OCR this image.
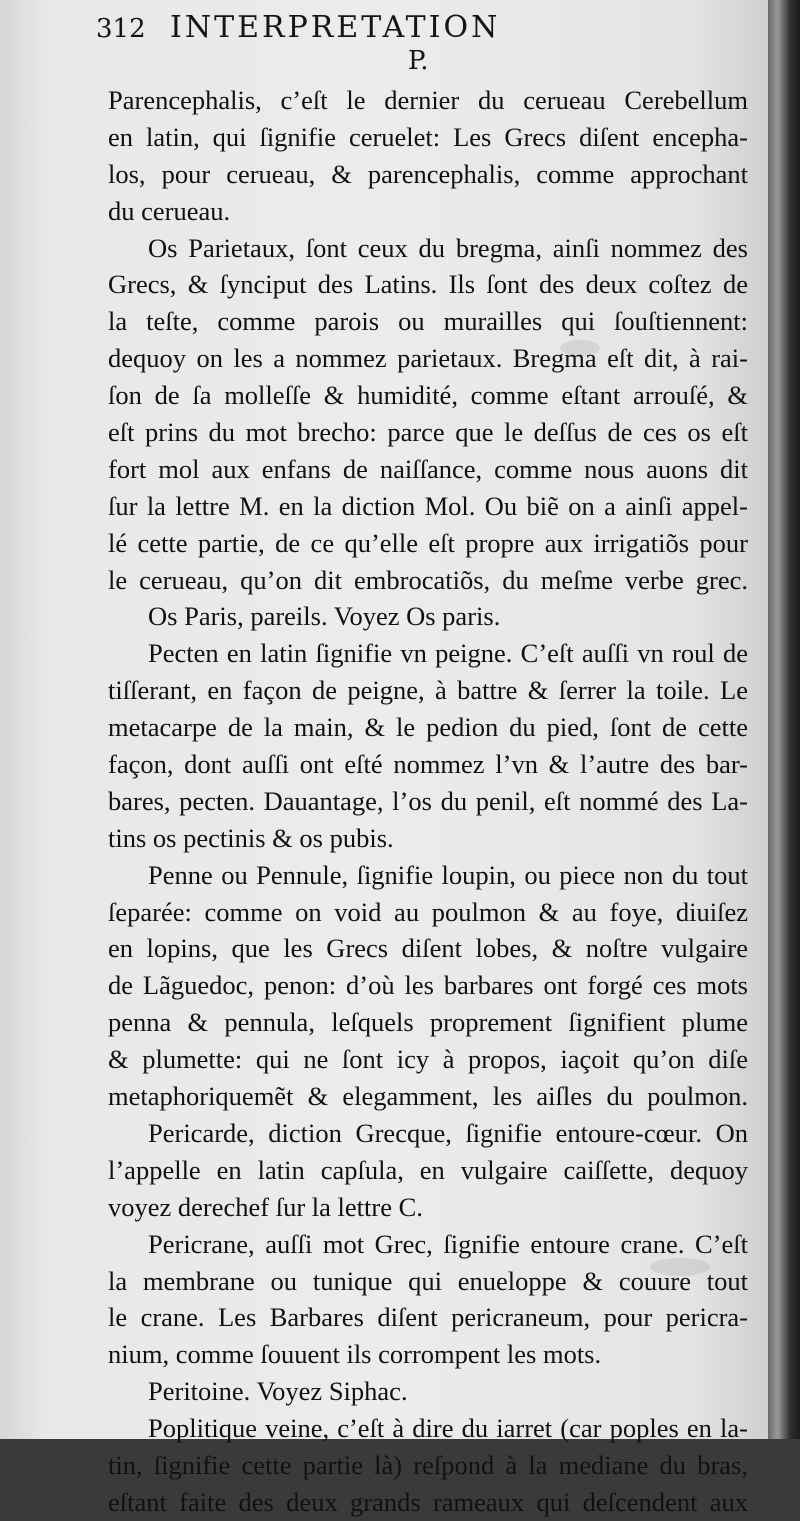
312 INTERPRETATION
P.
Parencephalis, c’eſt le dernier du cerueau Cerebellum
en latin, qui ſignifie ceruelet: Les Grecs diſent encepha-
los, pour cerueau, & parencephalis, comme approchant
du cerueau.
Os Parietaux, ſont ceux du bregma, ainſi nommez des
Grecs, & ſynciput des Latins. Ils ſont des deux coſtez de
la teſte, comme parois ou murailles qui ſouſtiennent:
dequoy on les a nommez parietaux. Bregma eſt dit, à rai-
ſon de ſa molleſſe & humidité, comme eſtant arrouſé, &
eſt prins du mot brecho: parce que le deſſus de ces os eſt
fort mol aux enfans de naiſſance, comme nous auons dit
ſur la lettre M. en la diction Mol. Ou biẽ on a ainſi appel-
lé cette partie, de ce qu’elle eſt propre aux irrigatiõs pour
le cerueau, qu’on dit embrocatiõs, du meſme verbe grec.
Os Paris, pareils. Voyez Os paris.
Pecten en latin ſignifie vn peigne. C’eſt auſſi vn roul de
tiſſerant, en façon de peigne, à battre & ſerrer la toile. Le
metacarpe de la main, & le pedion du pied, ſont de cette
façon, dont auſſi ont eſté nommez l’vn & l’autre des bar-
bares, pecten. Dauantage, l’os du penil, eſt nommé des La-
tins os pectinis & os pubis.
Penne ou Pennule, ſignifie loupin, ou piece non du tout
ſeparée: comme on void au poulmon & au foye, diuiſez
en lopins, que les Grecs diſent lobes, & noſtre vulgaire
de Lãguedoc, penon: d’où les barbares ont forgé ces mots
penna & pennula, leſquels proprement ſignifient plume
& plumette: qui ne ſont icy à propos, iaçoit qu’on diſe
metaphoriquemẽt & elegamment, les aiſles du poulmon.
Pericarde, diction Grecque, ſignifie entoure-cœur. On
l’appelle en latin capſula, en vulgaire caiſſette, dequoy
voyez derechef ſur la lettre C.
Pericrane, auſſi mot Grec, ſignifie entoure crane. C’eſt
la membrane ou tunique qui enueloppe & couure tout
le crane. Les Barbares diſent pericraneum, pour pericra-
nium, comme ſouuent ils corrompent les mots.
Peritoine. Voyez Siphac.
Poplitique veine, c’eſt à dire du iarret (car poples en la-
tin, ſignifie cette partie là) reſpond à la mediane du bras,
eſtant faite des deux grands rameaux qui deſcendent aux
